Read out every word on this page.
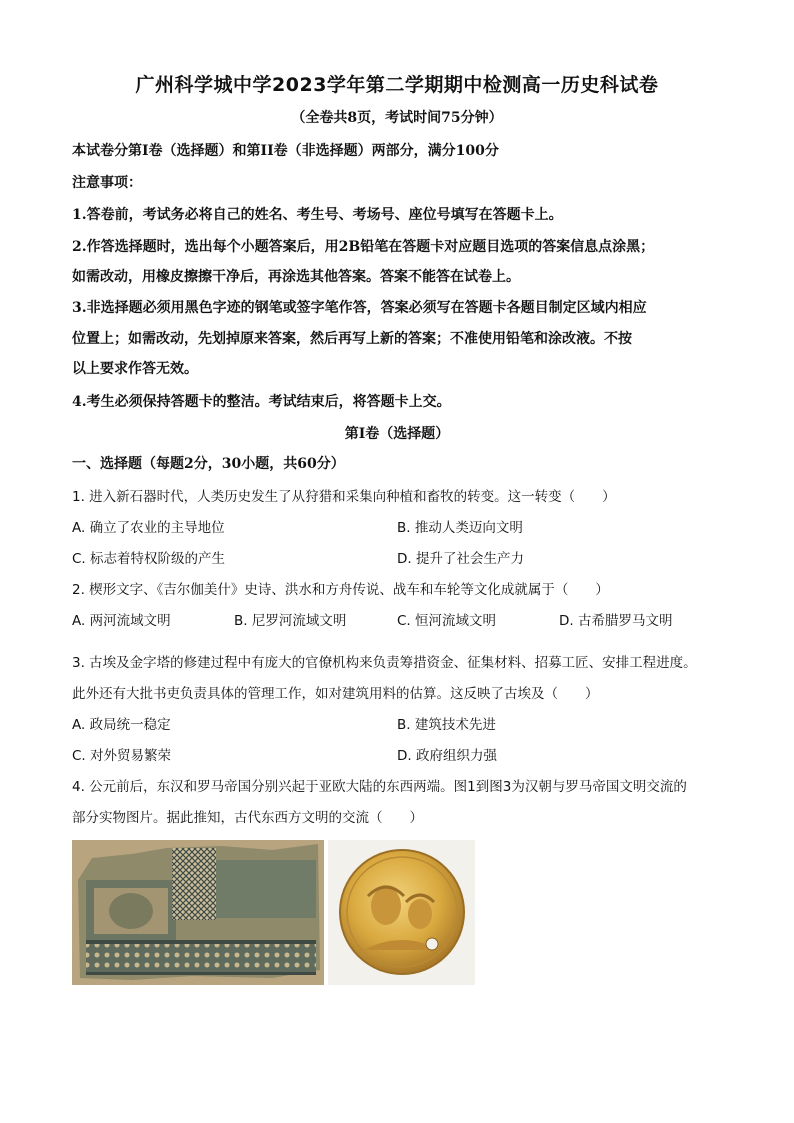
广州科学城中学2023学年第二学期期中检测高一历史科试卷
（全卷共8页，考试时间75分钟）
本试卷分第I卷（选择题）和第II卷（非选择题）两部分，满分100分
注意事项：
1.答卷前，考试务必将自己的姓名、考生号、考场号、座位号填写在答题卡上。
2.作答选择题时，选出每个小题答案后，用2B铅笔在答题卡对应题目选项的答案信息点涂黑；
如需改动，用橡皮擦擦干净后，再涂选其他答案。答案不能答在试卷上。
3.非选择题必须用黑色字迹的钢笔或签字笔作答，答案必须写在答题卡各题目制定区域内相应
位置上；如需改动，先划掉原来答案，然后再写上新的答案；不准使用铅笔和涂改液。不按
以上要求作答无效。
4.考生必须保持答题卡的整洁。考试结束后，将答题卡上交。
第I卷（选择题）
一、选择题（每题2分，30小题，共60分）
1. 进入新石器时代，人类历史发生了从狩猎和采集向种植和畜牧的转变。这一转变（　　）
A. 确立了农业的主导地位	B. 推动人类迈向文明
C. 标志着特权阶级的产生	D. 提升了社会生产力
2. 楔形文字、《吉尔伽美什》史诗、洪水和方舟传说、战车和车轮等文化成就属于（　　）
A. 两河流域文明	B. 尼罗河流域文明	C. 恒河流域文明	D. 古希腊罗马文明
3. 古埃及金字塔的修建过程中有庞大的官僚机构来负责筹措资金、征集材料、招募工匠、安排工程进度。
此外还有大批书吏负责具体的管理工作，如对建筑用料的估算。这反映了古埃及（　　）
A. 政局统一稳定	B. 建筑技术先进
C. 对外贸易繁荣	D. 政府组织力强
4. 公元前后，东汉和罗马帝国分别兴起于亚欧大陆的东西两端。图1到图3为汉朝与罗马帝国文明交流的
部分实物图片。据此推知，古代东西方文明的交流（　　）
